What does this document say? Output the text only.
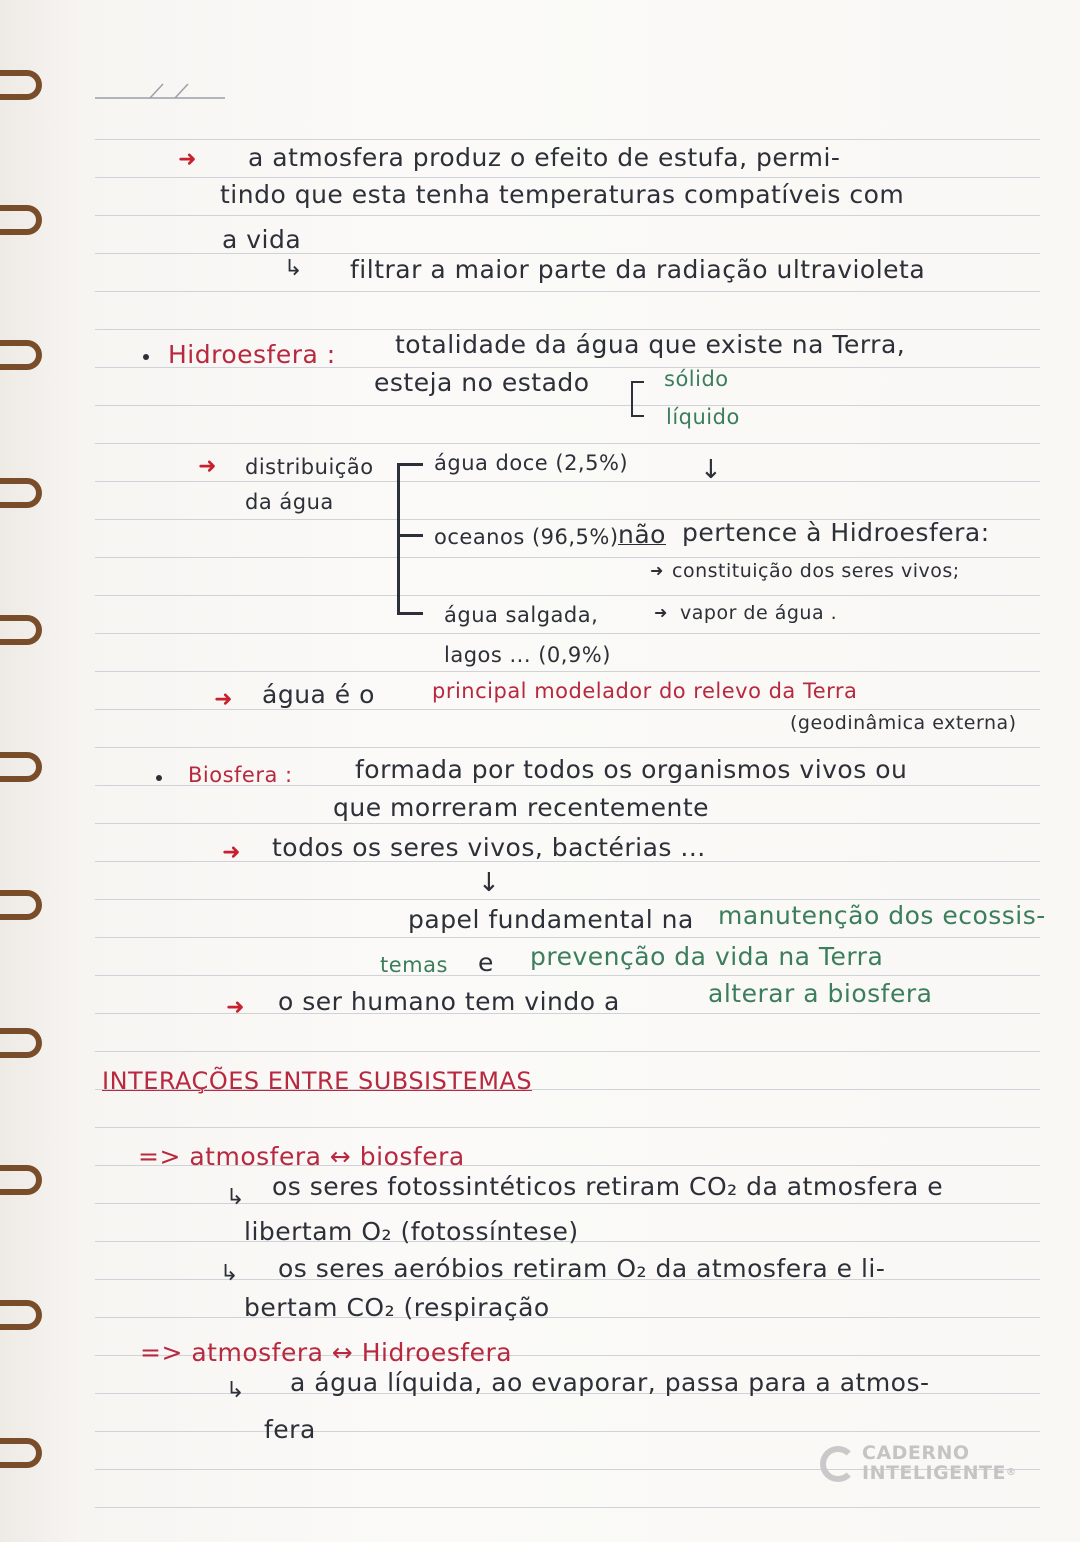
➜ a atmosfera produz o efeito de estufa, permi-
tindo que esta tenha temperaturas compatíveis com
a vida
↳ filtrar a maior parte da radiação ultravioleta
Hidroesfera : totalidade da água que existe na Terra,
esteja no estado	sólido
líquido
➜ distribuição
da água
água doce (2,5%)	↓
oceanos (96,5%) não pertence à Hidroesfera:
➜ constituição dos seres vivos;
água salgada,	➜ vapor de água .
lagos ... (0,9%)
➜ água é o	principal modelador do relevo da Terra
(geodinâmica externa)
Biosfera : formada por todos os organismos vivos ou
que morreram recentemente
➜ todos os seres vivos, bactérias ...
↓
papel fundamental na manutenção dos ecossis-
temas e prevenção da vida na Terra
➜ o ser humano tem vindo a	alterar a biosfera
INTERAÇÕES ENTRE SUBSISTEMAS
=> atmosfera ↔ biosfera
↳ os seres fotossintéticos retiram CO₂ da atmosfera e
libertam O₂ (fotossíntese)
↳ os seres aeróbios retiram O₂ da atmosfera e li-
bertam CO₂ (respiração
=> atmosfera ↔ Hidroesfera
↳ a água líquida, ao evaporar, passa para a atmos-
fera
CADERNO
INTELIGENTE®
